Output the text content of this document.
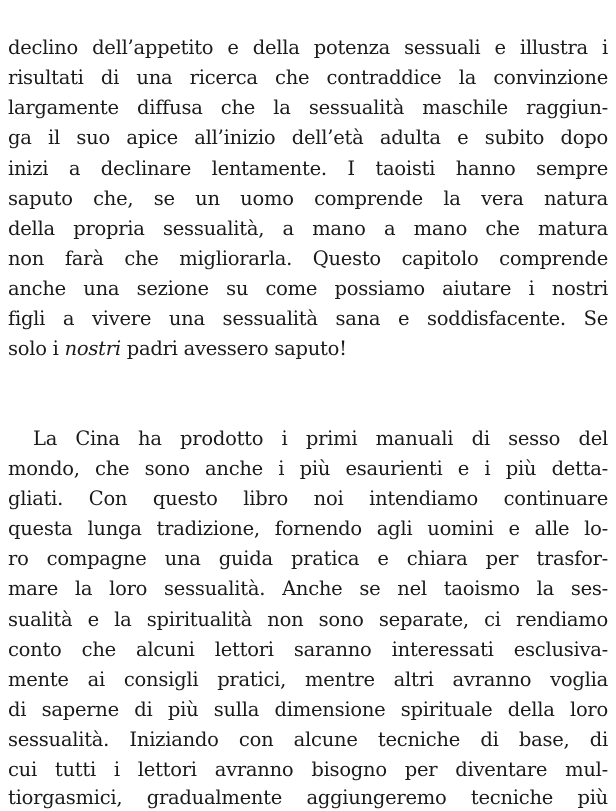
declino dell’appetito e della potenza sessuali e illustra i
risultati di una ricerca che contraddice la convinzione
largamente diffusa che la sessualità maschile raggiun-
ga il suo apice all’inizio dell’età adulta e subito dopo
inizi a declinare lentamente. I taoisti hanno sempre
saputo che, se un uomo comprende la vera natura
della propria sessualità, a mano a mano che matura
non farà che migliorarla. Questo capitolo comprende
anche una sezione su come possiamo aiutare i nostri
figli a vivere una sessualità sana e soddisfacente. Se
solo i nostri padri avessero saputo!
La Cina ha prodotto i primi manuali di sesso del
mondo, che sono anche i più esaurienti e i più detta-
gliati. Con questo libro noi intendiamo continuare
questa lunga tradizione, fornendo agli uomini e alle lo-
ro compagne una guida pratica e chiara per trasfor-
mare la loro sessualità. Anche se nel taoismo la ses-
sualità e la spiritualità non sono separate, ci rendiamo
conto che alcuni lettori saranno interessati esclusiva-
mente ai consigli pratici, mentre altri avranno voglia
di saperne di più sulla dimensione spirituale della loro
sessualità. Iniziando con alcune tecniche di base, di
cui tutti i lettori avranno bisogno per diventare mul-
tiorgasmici, gradualmente aggiungeremo tecniche più
